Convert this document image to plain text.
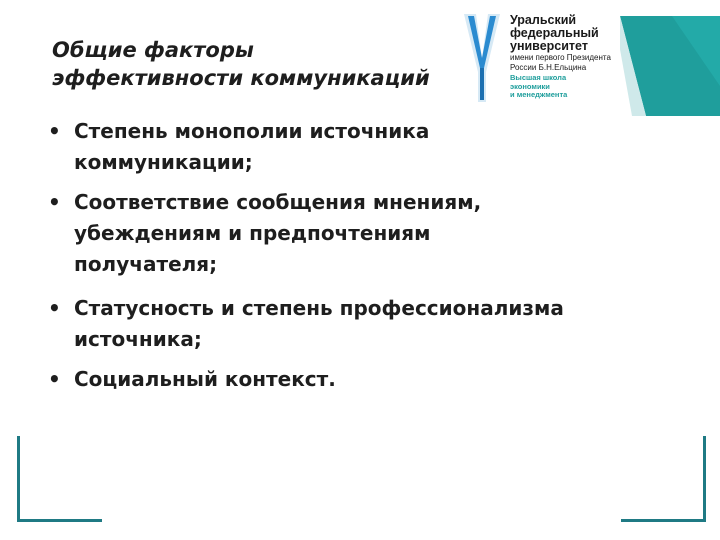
Общие факторы
эффективности коммуникаций
Уральский
федеральный
университет
имени первого Президента
России Б.Н.Ельцина
Высшая школа
экономики
и менеджмента
•
Степень монополии источника
коммуникации;
•
Соответствие сообщения мнениям,
убеждениям и предпочтениям
получателя;
•
Статусность и степень профессионализма
источника;
•
Социальный контекст.
